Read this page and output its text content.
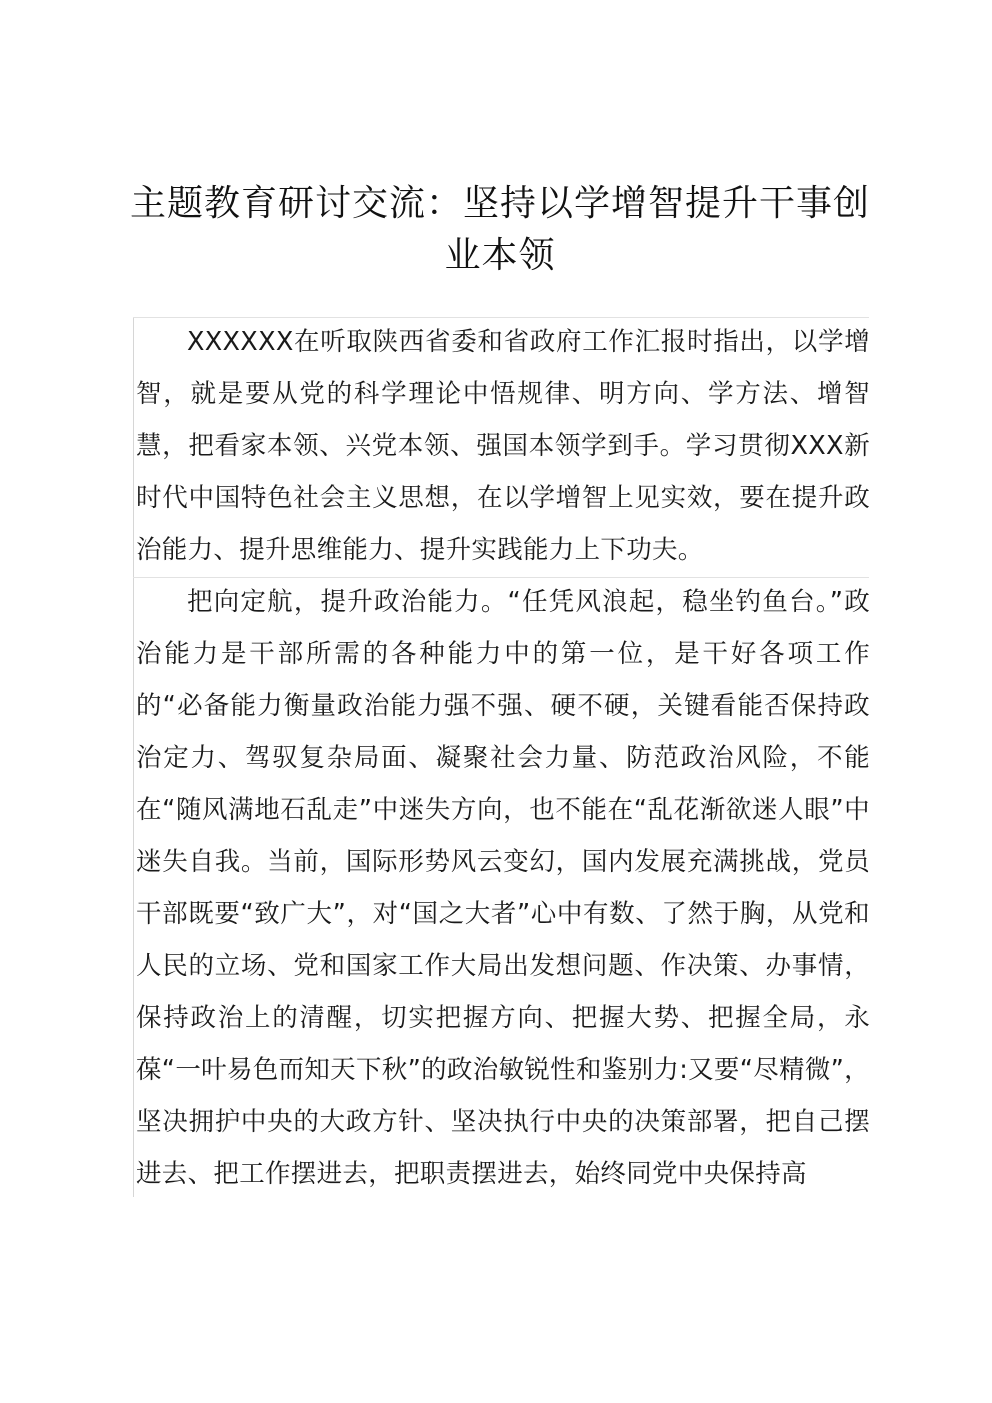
主题教育研讨交流：坚持以学增智提升干事创业本领

XXXXXX在听取陕西省委和省政府工作汇报时指出，以学增智，就是要从党的科学理论中悟规律、明方向、学方法、增智慧，把看家本领、兴党本领、强国本领学到手。学习贯彻XXX新时代中国特色社会主义思想，在以学增智上见实效，要在提升政治能力、提升思维能力、提升实践能力上下功夫。

把向定航，提升政治能力。“任凭风浪起，稳坐钓鱼台。”政治能力是干部所需的各种能力中的第一位，是干好各项工作的“必备能力衡量政治能力强不强、硬不硬，关键看能否保持政治定力、驾驭复杂局面、凝聚社会力量、防范政治风险，不能在“随风满地石乱走”中迷失方向，也不能在“乱花渐欲迷人眼”中迷失自我。当前，国际形势风云变幻，国内发展充满挑战，党员干部既要“致广大”，对“国之大者”心中有数、了然于胸，从党和人民的立场、党和国家工作大局出发想问题、作决策、办事情，保持政治上的清醒，切实把握方向、把握大势、把握全局，永葆“一叶易色而知天下秋”的政治敏锐性和鉴别力:又要“尽精微”，坚决拥护中央的大政方针、坚决执行中央的决策部署，把自己摆进去、把工作摆进去，把职责摆进去，始终同党中央保持高
